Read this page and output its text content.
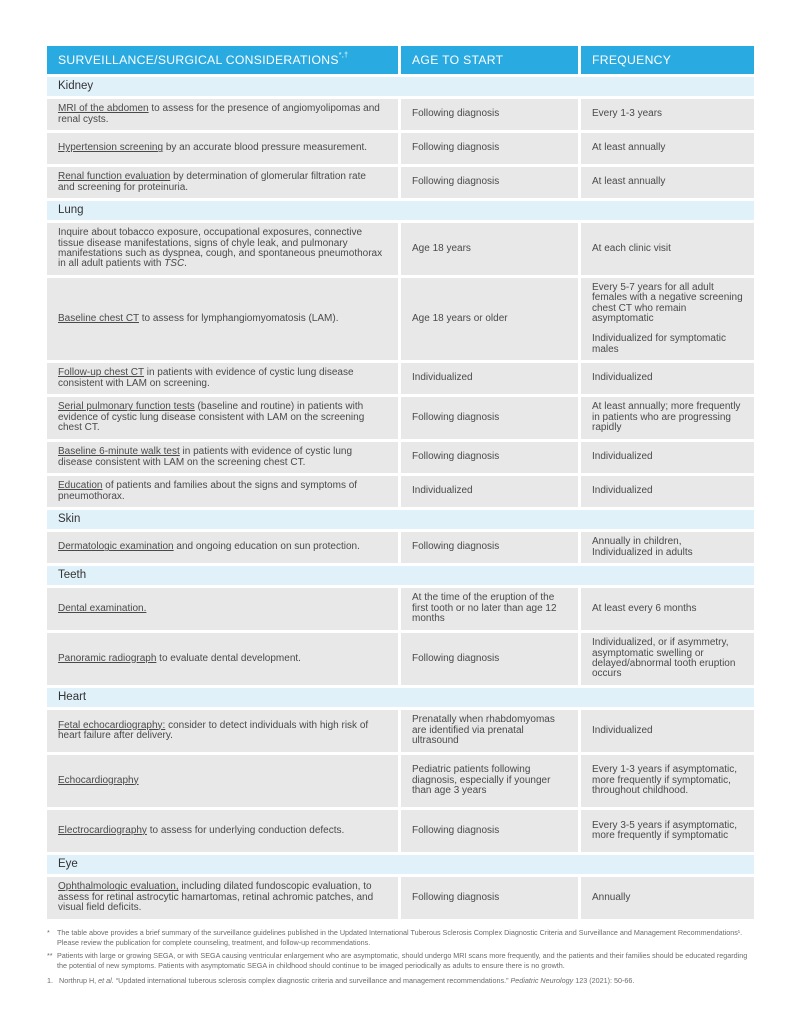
SURVEILLANCE/SURGICAL CONSIDERATIONS*,†	AGE TO START	FREQUENCY
Kidney		
MRI of the abdomen to assess for the presence of angiomyolipomas and renal cysts.	Following diagnosis	Every 1-3 years
Hypertension screening by an accurate blood pressure measurement.	Following diagnosis	At least annually
Renal function evaluation by determination of glomerular filtration rate and screening for proteinuria.	Following diagnosis	At least annually
Lung		
Inquire about tobacco exposure, occupational exposures, connective tissue disease manifestations, signs of chyle leak, and pulmonary manifestations such as dyspnea, cough, and spontaneous pneumothorax in all adult patients with TSC.	Age 18 years	At each clinic visit
Baseline chest CT to assess for lymphangiomyomatosis (LAM).	Age 18 years or older	Every 5-7 years for all adult females with a negative screening chest CT who remain asymptomatic
Individualized for symptomatic males

Follow-up chest CT in patients with evidence of cystic lung disease consistent with LAM on screening.	Individualized	Individualized
Serial pulmonary function tests (baseline and routine) in patients with evidence of cystic lung disease consistent with LAM on the screening chest CT.	Following diagnosis	At least annually; more frequently in patients who are progressing rapidly
Baseline 6-minute walk test in patients with evidence of cystic lung disease consistent with LAM on the screening chest CT.	Following diagnosis	Individualized
Education of patients and families about the signs and symptoms of pneumothorax.	Individualized	Individualized
Skin		
Dermatologic examination and ongoing education on sun protection.	Following diagnosis	Annually in children, Individualized in adults
Teeth		
Dental examination.	At the time of the eruption of the first tooth or no later than age 12 months	At least every 6 months
Panoramic radiograph to evaluate dental development.	Following diagnosis	Individualized, or if asymmetry, asymptomatic swelling or delayed/abnormal tooth eruption occurs
Heart		
Fetal echocardiography: consider to detect individuals with high risk of heart failure after delivery.	Prenatally when rhabdomyomas are identified via prenatal ultrasound	Individualized
Echocardiography	Pediatric patients following diagnosis, especially if younger than age 3 years	Every 1-3 years if asymptomatic, more frequently if symptomatic, throughout childhood.
Electrocardiography to assess for underlying conduction defects.	Following diagnosis	Every 3-5 years if asymptomatic, more frequently if symptomatic
Eye		
Ophthalmologic evaluation, including dilated fundoscopic evaluation, to assess for retinal astrocytic hamartomas, retinal achromic patches, and visual field deficits.	Following diagnosis	Annually
* The table above provides a brief summary of the surveillance guidelines published in the Updated International Tuberous Sclerosis Complex Diagnostic Criteria and Surveillance and Management Recommendations¹. Please review the publication for complete counseling, treatment, and follow-up recommendations.
** Patients with large or growing SEGA, or with SEGA causing ventricular enlargement who are asymptomatic, should undergo MRI scans more frequently, and the patients and their families should be educated regarding the potential of new symptoms. Patients with asymptomatic SEGA in childhood should continue to be imaged periodically as adults to ensure there is no growth.
1. Northrup H, et al. “Updated international tuberous sclerosis complex diagnostic criteria and surveillance and management recommendations.” Pediatric Neurology 123 (2021): 50-66.
